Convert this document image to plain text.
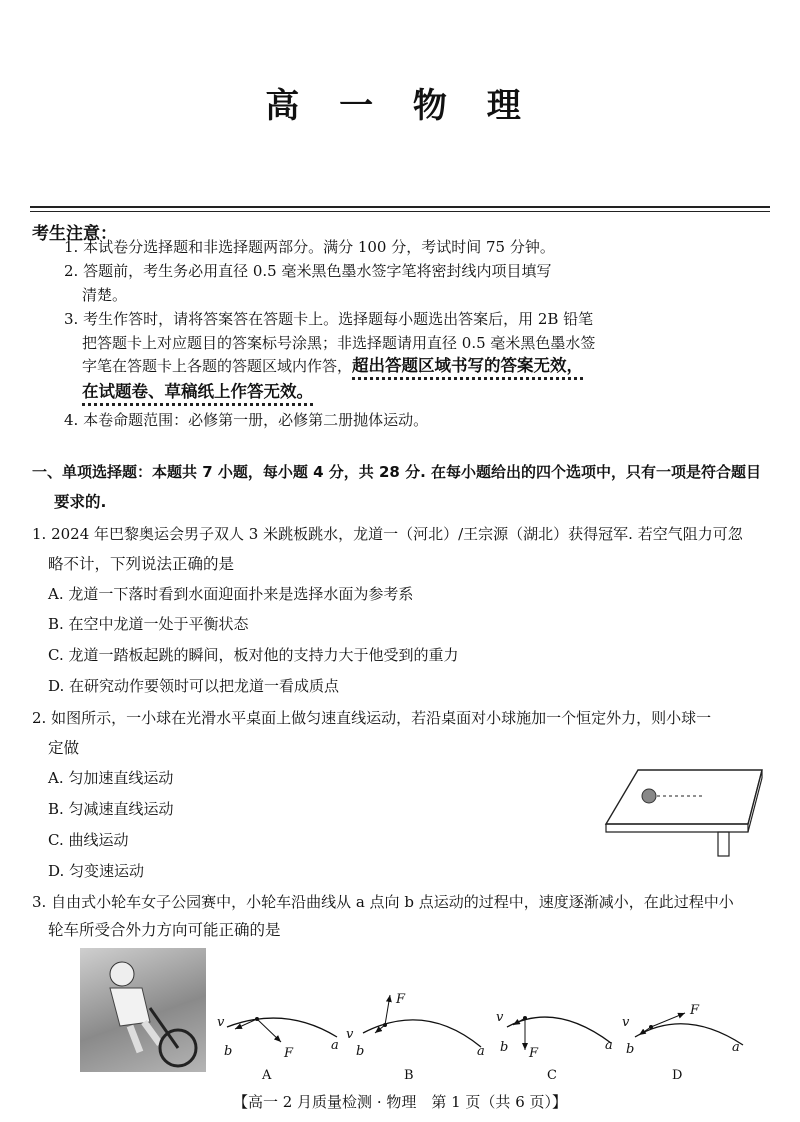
高 一 物 理
考生注意：
1. 本试卷分选择题和非选择题两部分。满分 100 分，考试时间 75 分钟。
2. 答题前，考生务必用直径 0.5 毫米黑色墨水签字笔将密封线内项目填写
清楚。
3. 考生作答时，请将答案答在答题卡上。选择题每小题选出答案后，用 2B 铅笔
把答题卡上对应题目的答案标号涂黑；非选择题请用直径 0.5 毫米黑色墨水签
字笔在答题卡上各题的答题区域内作答，超出答题区域书写的答案无效，
在试题卷、草稿纸上作答无效。
4. 本卷命题范围：必修第一册，必修第二册抛体运动。
一、单项选择题：本题共 7 小题，每小题 4 分，共 28 分. 在每小题给出的四个选项中，只有一项是符合题目
要求的.
1. 2024 年巴黎奥运会男子双人 3 米跳板跳水，龙道一（河北）/王宗源（湖北）获得冠军. 若空气阻力可忽
略不计，下列说法正确的是
A. 龙道一下落时看到水面迎面扑来是选择水面为参考系
B. 在空中龙道一处于平衡状态
C. 龙道一踏板起跳的瞬间，板对他的支持力大于他受到的重力
D. 在研究动作要领时可以把龙道一看成质点
2. 如图所示，一小球在光滑水平桌面上做匀速直线运动，若沿桌面对小球施加一个恒定外力，则小球一
定做
A. 匀加速直线运动
B. 匀减速直线运动
C. 曲线运动
D. 匀变速运动
3. 自由式小轮车女子公园赛中，小轮车沿曲线从 a 点向 b 点运动的过程中，速度逐渐减小，在此过程中小
轮车所受合外力方向可能正确的是
v
b	F
a
v
b
F
a
v
b F
a
v
b
F
a
A	B	C	D
【高一 2 月质量检测 · 物理　第 1 页（共 6 页）】
